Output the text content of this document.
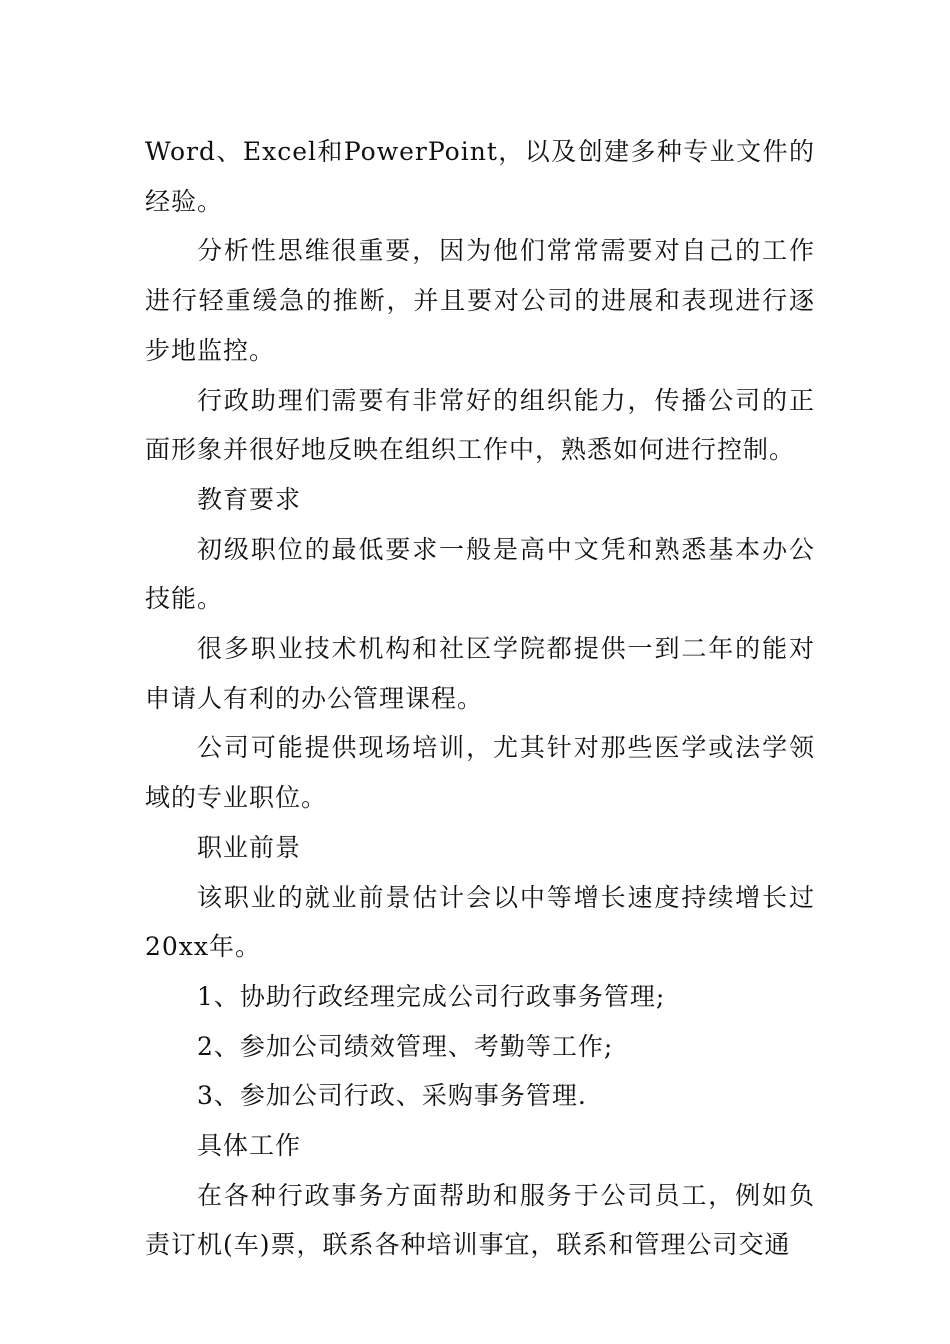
Word、Excel和PowerPoint，以及创建多种专业文件的经验。

分析性思维很重要，因为他们常常需要对自己的工作进行轻重缓急的推断，并且要对公司的进展和表现进行逐步地监控。

行政助理们需要有非常好的组织能力，传播公司的正面形象并很好地反映在组织工作中，熟悉如何进行控制。

教育要求

初级职位的最低要求一般是高中文凭和熟悉基本办公技能。

很多职业技术机构和社区学院都提供一到二年的能对申请人有利的办公管理课程。

公司可能提供现场培训，尤其针对那些医学或法学领域的专业职位。

职业前景

该职业的就业前景估计会以中等增长速度持续增长过20xx年。

1、协助行政经理完成公司行政事务管理;

2、参加公司绩效管理、考勤等工作;

3、参加公司行政、采购事务管理.

具体工作

在各种行政事务方面帮助和服务于公司员工，例如负责订机(车)票，联系各种培训事宜，联系和管理公司交通
